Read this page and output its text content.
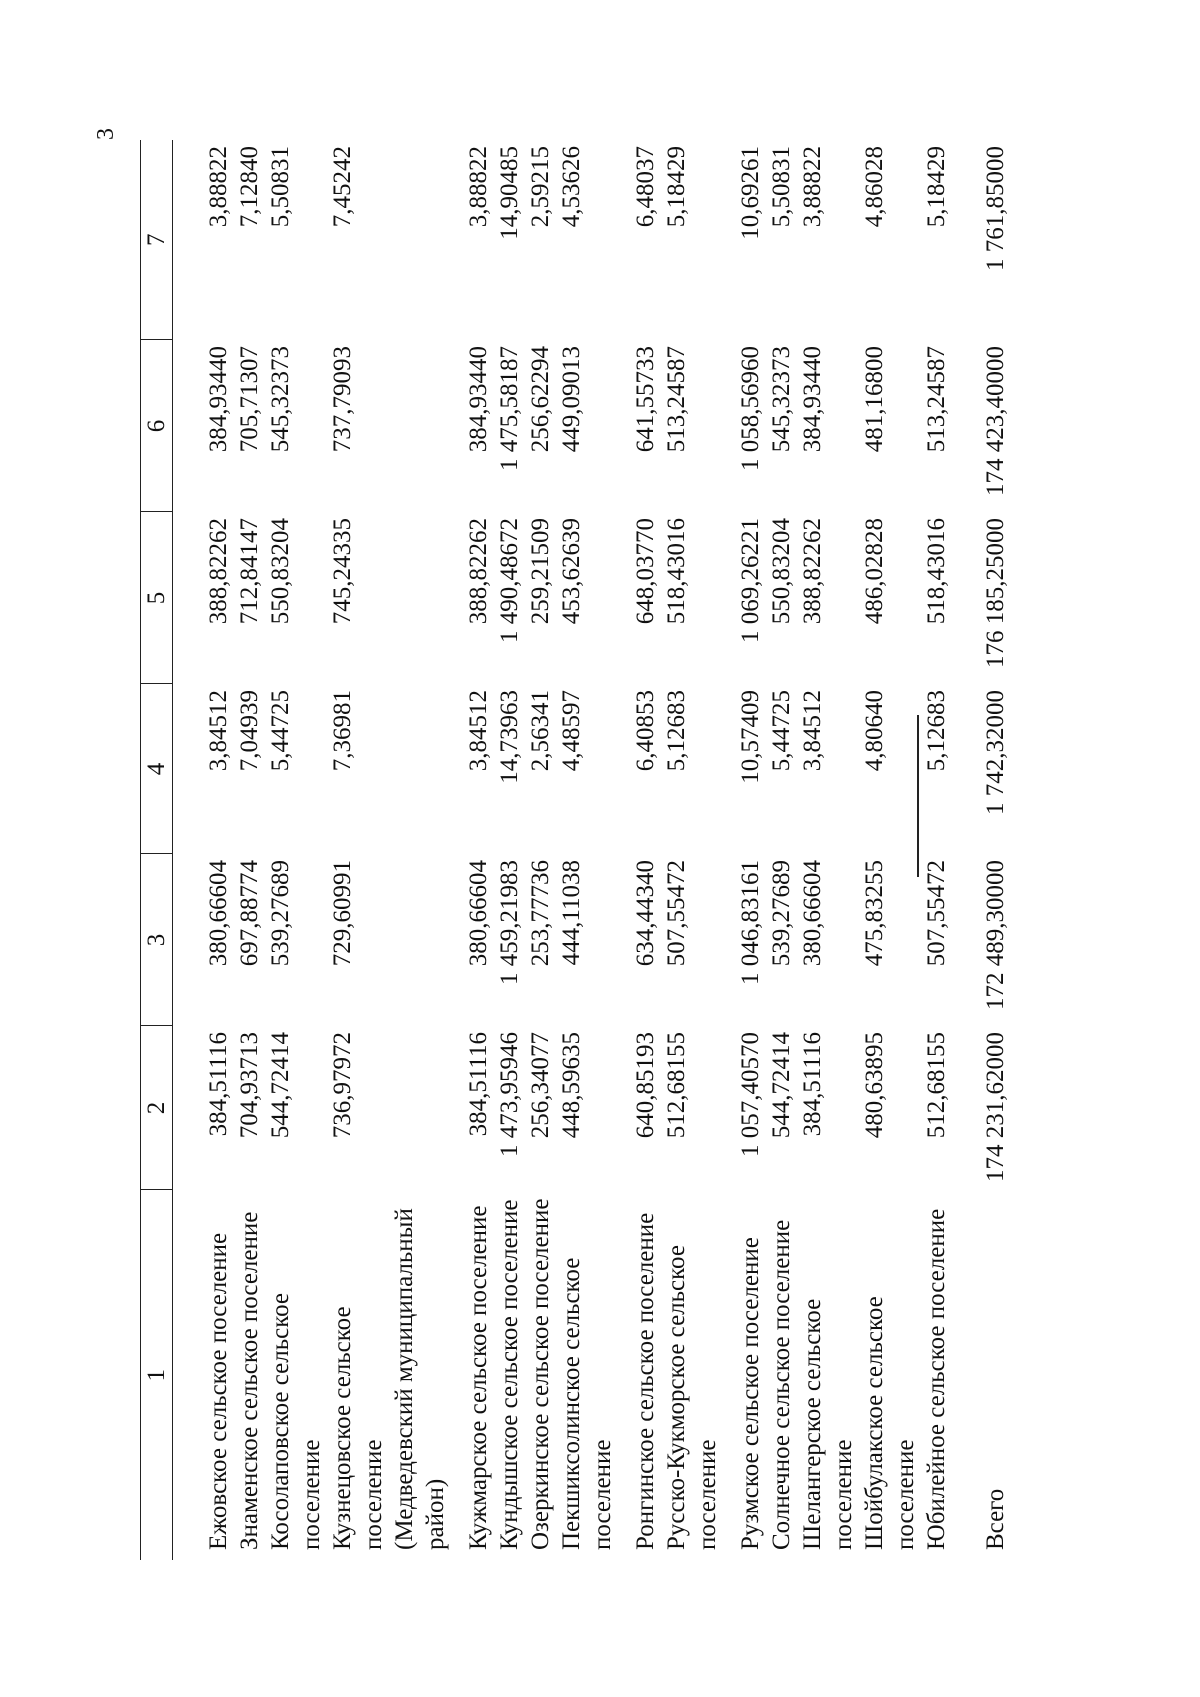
3
1	2	3	4	5	6	7
Ежовское сельское поселение	384,51116	380,66604	3,84512	388,82262	384,93440	3,88822
Знаменское сельское поселение	704,93713	697,88774	7,04939	712,84147	705,71307	7,12840
Косолаповское сельское поселение	544,72414	539,27689	5,44725	550,83204	545,32373	5,50831
Кузнецовское сельское поселение
(Медведевский муниципальный
район)	736,97972	729,60991	7,36981	745,24335	737,79093	7,45242
Кужмарское сельское поселение	384,51116	380,66604	3,84512	388,82262	384,93440	3,88822
Кундышское сельское поселение	1 473,95946	1 459,21983	14,73963	1 490,48672	1 475,58187	14,90485
Озеркинское сельское поселение	256,34077	253,77736	2,56341	259,21509	256,62294	2,59215
Пекшиксолинское сельское
поселение	448,59635	444,11038	4,48597	453,62639	449,09013	4,53626
Ронгинское сельское поселение	640,85193	634,44340	6,40853	648,03770	641,55733	6,48037
Русско-Кукморское сельское
поселение	512,68155	507,55472	5,12683	518,43016	513,24587	5,18429
Рузмское сельское поселение	1 057,40570	1 046,83161	10,57409	1 069,26221	1 058,56960	10,69261
Солнечное сельское поселение	544,72414	539,27689	5,44725	550,83204	545,32373	5,50831
Шелангерское сельское поселение	384,51116	380,66604	3,84512	388,82262	384,93440	3,88822
Шойбулакское сельское поселение	480,63895	475,83255	4,80640	486,02828	481,16800	4,86028
Юбилейное сельское поселение	512,68155	507,55472	5,12683	518,43016	513,24587	5,18429
Всего	174 231,62000	172 489,30000	1 742,32000	176 185,25000	174 423,40000	1 761,85000
